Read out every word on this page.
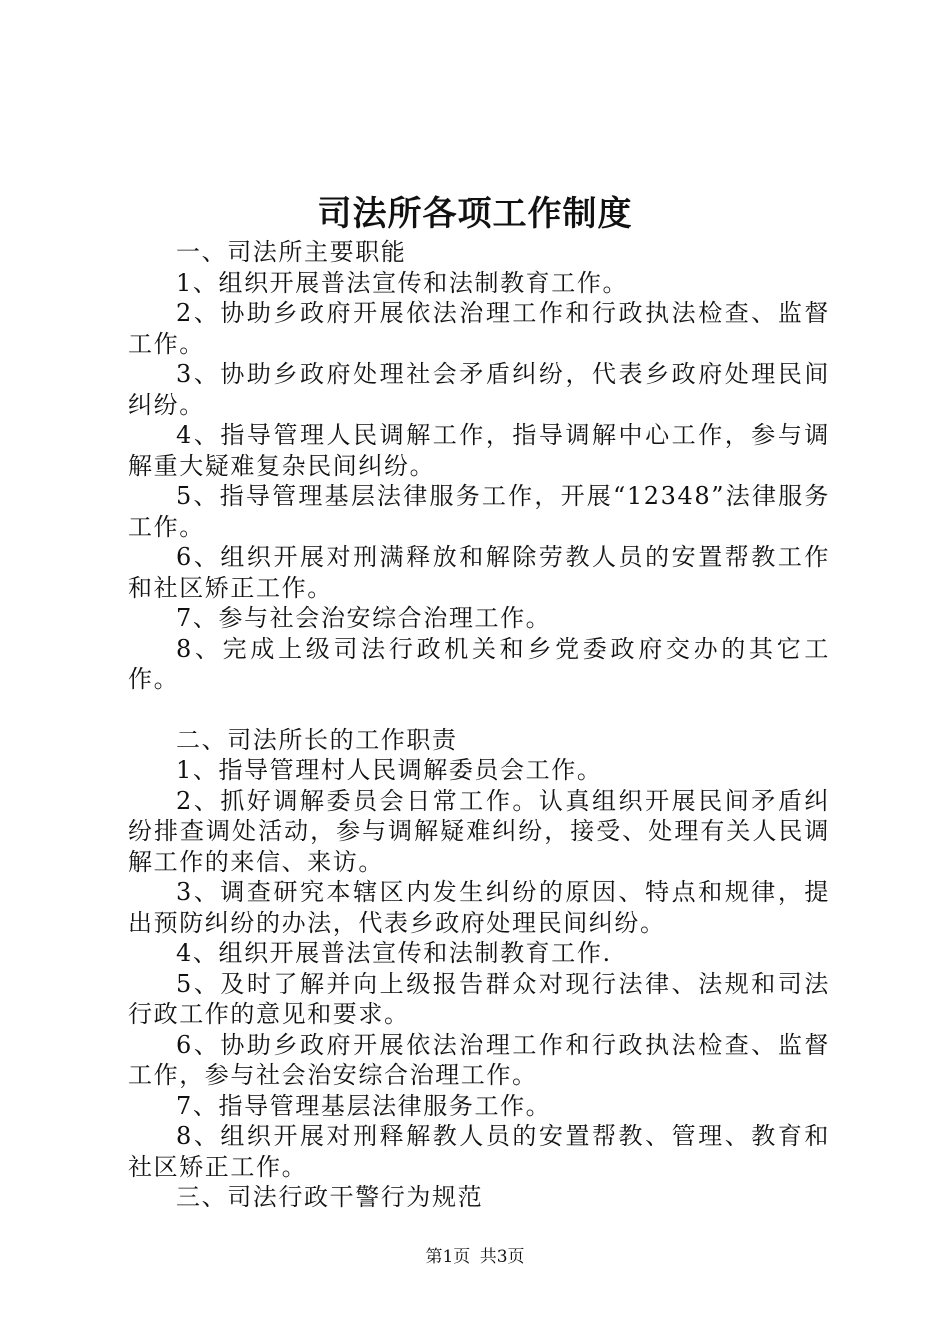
司法所各项工作制度

一、司法所主要职能

1、组织开展普法宣传和法制教育工作。

2、协助乡政府开展依法治理工作和行政执法检查、监督工作。

3、协助乡政府处理社会矛盾纠纷，代表乡政府处理民间纠纷。

4、指导管理人民调解工作，指导调解中心工作，参与调解重大疑难复杂民间纠纷。

5、指导管理基层法律服务工作，开展“12348”法律服务工作。

6、组织开展对刑满释放和解除劳教人员的安置帮教工作和社区矫正工作。

7、参与社会治安综合治理工作。

8、完成上级司法行政机关和乡党委政府交办的其它工作。

二、司法所长的工作职责

1、指导管理村人民调解委员会工作。

2、抓好调解委员会日常工作。认真组织开展民间矛盾纠纷排查调处活动，参与调解疑难纠纷，接受、处理有关人民调解工作的来信、来访。

3、调查研究本辖区内发生纠纷的原因、特点和规律，提出预防纠纷的办法，代表乡政府处理民间纠纷。

4、组织开展普法宣传和法制教育工作.

5、及时了解并向上级报告群众对现行法律、法规和司法行政工作的意见和要求。

6、协助乡政府开展依法治理工作和行政执法检查、监督工作，参与社会治安综合治理工作。

7、指导管理基层法律服务工作。

8、组织开展对刑释解教人员的安置帮教、管理、教育和社区矫正工作。

三、司法行政干警行为规范

第1页 共3页
